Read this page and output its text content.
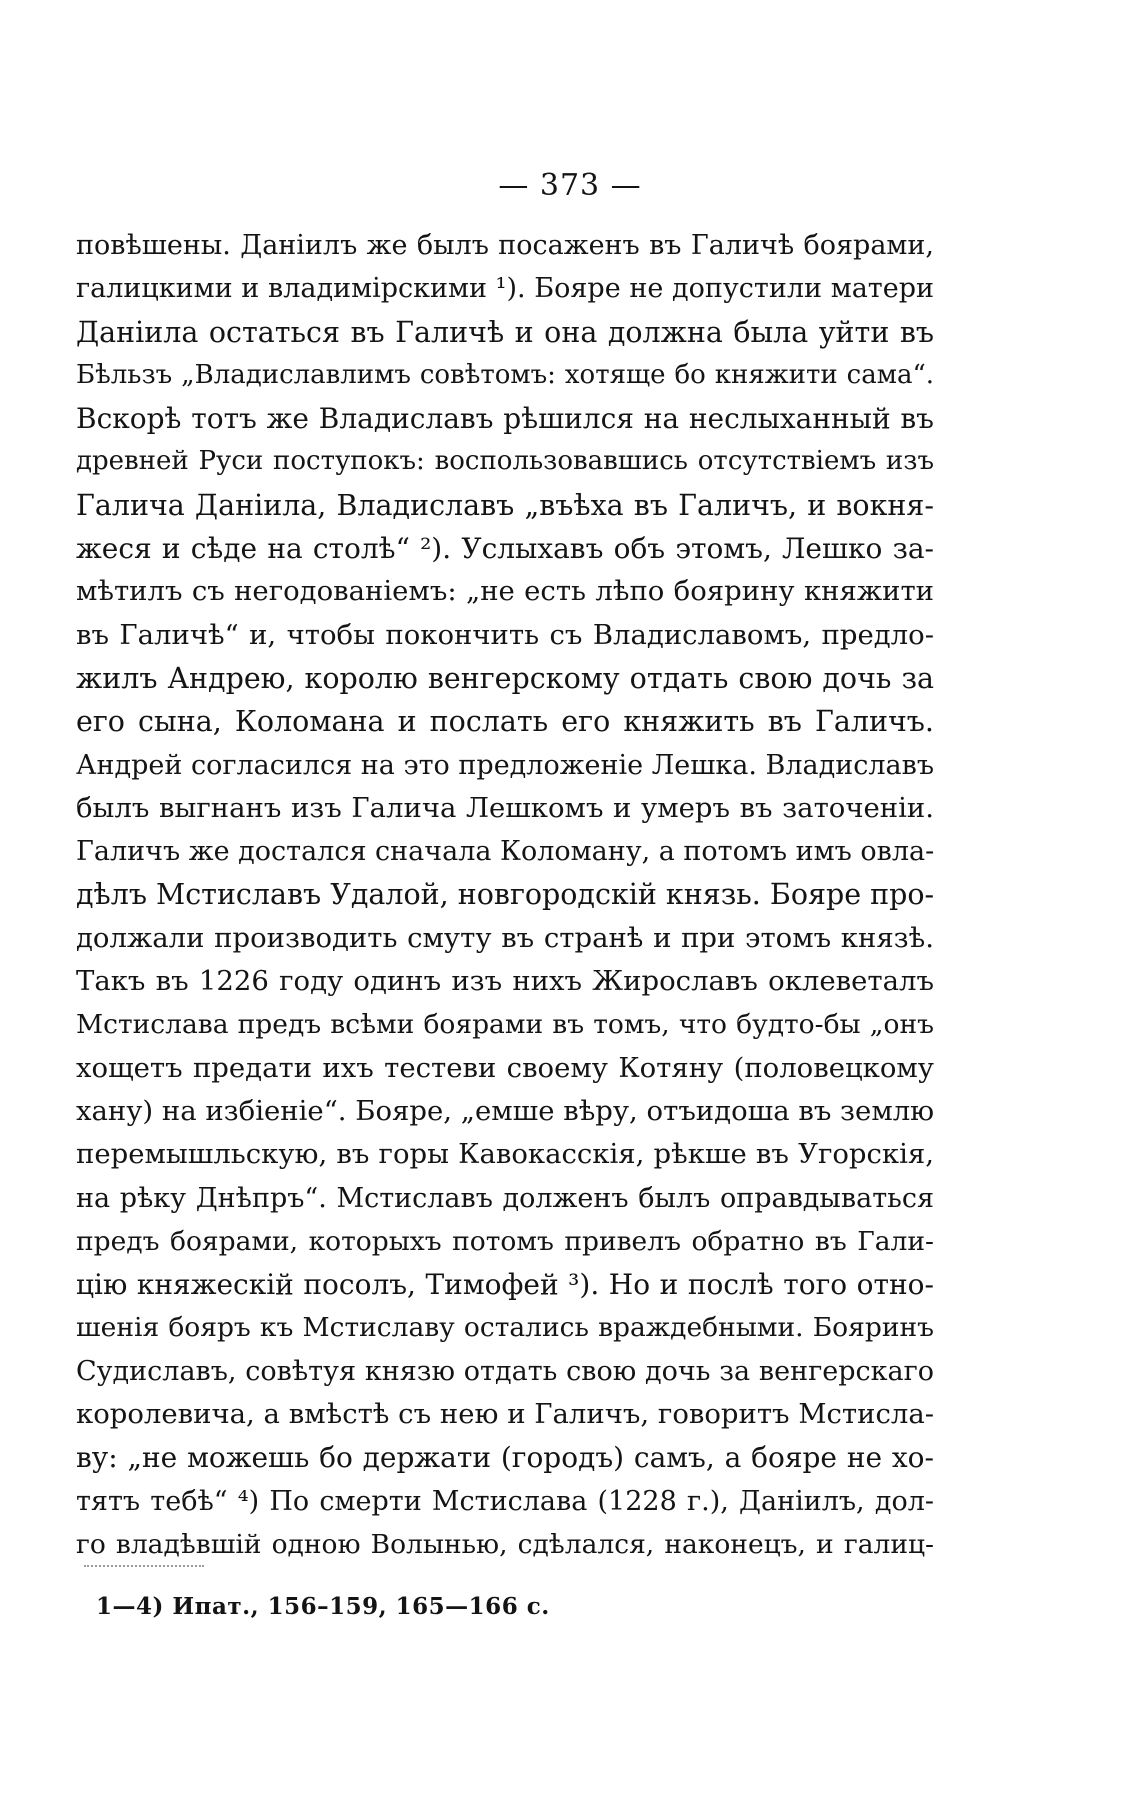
— 373 —
повѣшены. Даніилъ же былъ посаженъ въ Галичѣ боярами,
галицкими и владимірскими ¹). Бояре не допустили матери
Даніила остаться въ Галичѣ и она должна была уйти въ
Бѣльзъ „Владиславлимъ совѣтомъ: хотяще бо княжити сама“.
Вскорѣ тотъ же Владиславъ рѣшился на неслыханный въ
древней Руси поступокъ: воспользовавшись отсутствіемъ изъ
Галича Даніила, Владиславъ „въѣха въ Галичъ, и вокня-
жеся и сѣде на столѣ“ ²). Услыхавъ объ этомъ, Лешко за-
мѣтилъ съ негодованіемъ: „не есть лѣпо боярину княжити
въ Галичѣ“ и, чтобы покончить съ Владиславомъ, предло-
жилъ Андрею, королю венгерскому отдать свою дочь за
его сына, Коломана и послать его княжить въ Галичъ.
Андрей согласился на это предложеніе Лешка. Владиславъ
былъ выгнанъ изъ Галича Лешкомъ и умеръ въ заточеніи.
Галичъ же достался сначала Коломану, а потомъ имъ овла-
дѣлъ Мстиславъ Удалой, новгородскій князь. Бояре про-
должали производить смуту въ странѣ и при этомъ князѣ.
Такъ въ 1226 году одинъ изъ нихъ Жирославъ оклеветалъ
Мстислава предъ всѣми боярами въ томъ, что будто-бы „онъ
хощетъ предати ихъ тестеви своему Котяну (половецкому
хану) на избіеніе“. Бояре, „емше вѣру, отъидоша въ землю
перемышльскую, въ горы Кавокасскія, рѣкше въ Угорскія,
на рѣку Днѣпръ“. Мстиславъ долженъ былъ оправдываться
предъ боярами, которыхъ потомъ привелъ обратно въ Гали-
цію княжескій посолъ, Тимофей ³). Но и послѣ того отно-
шенія бояръ къ Мстиславу остались враждебными. Бояринъ
Судиславъ, совѣтуя князю отдать свою дочь за венгерскаго
королевича, а вмѣстѣ съ нею и Галичъ, говоритъ Мстисла-
ву: „не можешь бо держати (городъ) самъ, а бояре не хо-
тятъ тебѣ“ ⁴) По смерти Мстислава (1228 г.), Даніилъ, дол-
го владѣвшій одною Волынью, сдѣлался, наконецъ, и галиц-
1—4) Ипат., 156–159, 165—166 с.
